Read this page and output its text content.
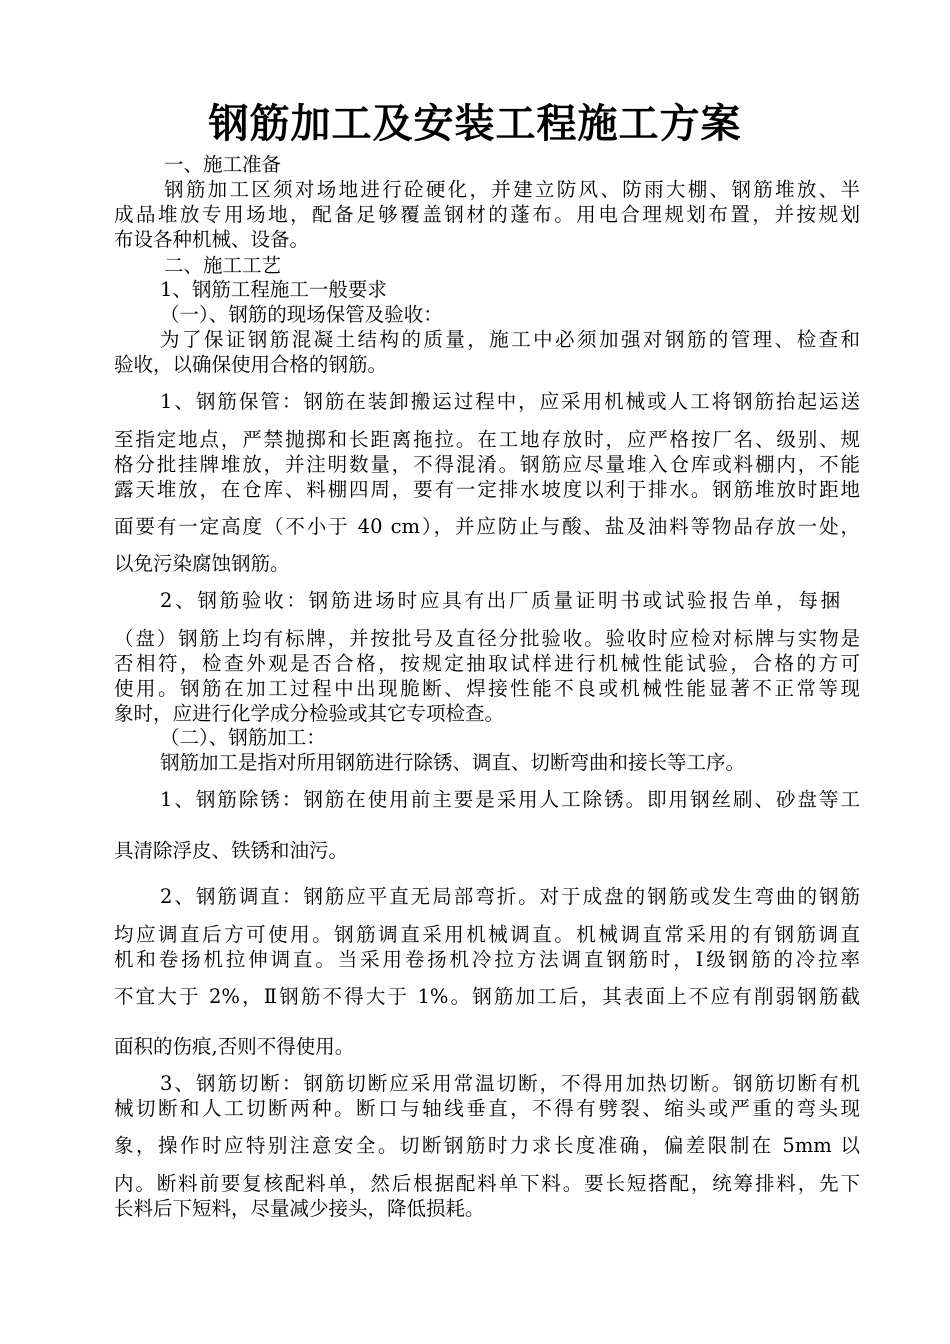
钢筋加工及安装工程施工方案
一、施工准备
钢筋加工区须对场地进行砼硬化，并建立防风、防雨大棚、钢筋堆放、半
成品堆放专用场地，配备足够覆盖钢材的蓬布。用电合理规划布置，并按规划
布设各种机械、设备。
二、施工工艺
1、钢筋工程施工一般要求
（一）、钢筋的现场保管及验收：
为了保证钢筋混凝土结构的质量，施工中必须加强对钢筋的管理、检查和
验收，以确保使用合格的钢筋。
1、钢筋保管：钢筋在装卸搬运过程中，应采用机械或人工将钢筋抬起运送
至指定地点，严禁抛掷和长距离拖拉。在工地存放时，应严格按厂名、级别、规
格分批挂牌堆放，并注明数量，不得混淆。钢筋应尽量堆入仓库或料棚内，不能
露天堆放，在仓库、料棚四周，要有一定排水坡度以利于排水。钢筋堆放时距地
面要有一定高度（不小于 40 cm），并应防止与酸、盐及油料等物品存放一处，
以免污染腐蚀钢筋。
2、钢筋验收：钢筋进场时应具有出厂质量证明书或试验报告单，每捆
（盘）钢筋上均有标牌，并按批号及直径分批验收。验收时应检对标牌与实物是
否相符，检查外观是否合格，按规定抽取试样进行机械性能试验，合格的方可
使用。钢筋在加工过程中出现脆断、焊接性能不良或机械性能显著不正常等现
象时，应进行化学成分检验或其它专项检查。
（二）、钢筋加工：
钢筋加工是指对所用钢筋进行除锈、调直、切断弯曲和接长等工序。
1、钢筋除锈：钢筋在使用前主要是采用人工除锈。即用钢丝刷、砂盘等工
具清除浮皮、铁锈和油污。
2、钢筋调直：钢筋应平直无局部弯折。对于成盘的钢筋或发生弯曲的钢筋
均应调直后方可使用。钢筋调直采用机械调直。机械调直常采用的有钢筋调直
机和卷扬机拉伸调直。当采用卷扬机冷拉方法调直钢筋时，Ⅰ级钢筋的冷拉率
不宜大于 2%，Ⅱ钢筋不得大于 1%。钢筋加工后，其表面上不应有削弱钢筋截
面积的伤痕,否则不得使用。
3、钢筋切断：钢筋切断应采用常温切断，不得用加热切断。钢筋切断有机
械切断和人工切断两种。断口与轴线垂直，不得有劈裂、缩头或严重的弯头现
象，操作时应特别注意安全。切断钢筋时力求长度准确，偏差限制在 5mm 以
内。断料前要复核配料单，然后根据配料单下料。要长短搭配，统筹排料，先下
长料后下短料，尽量减少接头，降低损耗。
